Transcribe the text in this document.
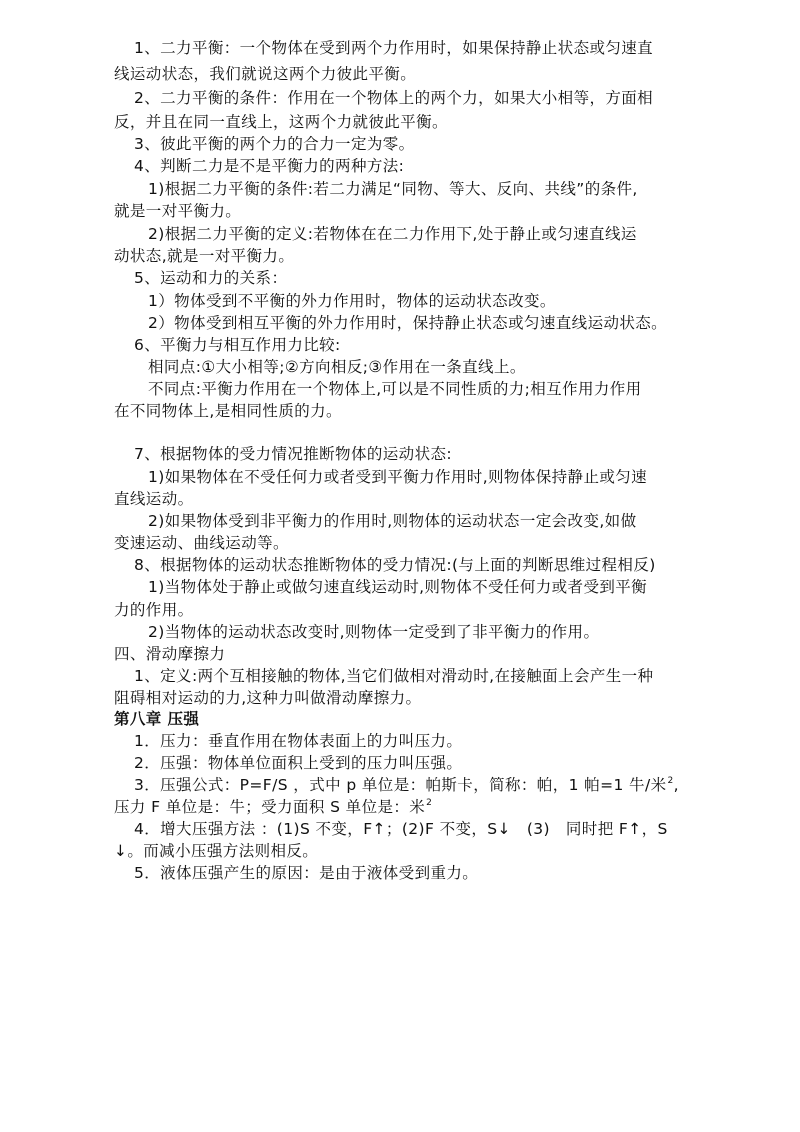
1、二力平衡：一个物体在受到两个力作用时，如果保持静止状态或匀速直
线运动状态，我们就说这两个力彼此平衡。
2、二力平衡的条件：作用在一个物体上的两个力，如果大小相等，方面相
反，并且在同一直线上，这两个力就彼此平衡。
3、彼此平衡的两个力的合力一定为零。
4、判断二力是不是平衡力的两种方法:
1)根据二力平衡的条件:若二力满足“同物、等大、反向、共线”的条件,
就是一对平衡力。
2)根据二力平衡的定义:若物体在在二力作用下,处于静止或匀速直线运
动状态,就是一对平衡力。
5、运动和力的关系：
1）物体受到不平衡的外力作用时，物体的运动状态改变。
2）物体受到相互平衡的外力作用时，保持静止状态或匀速直线运动状态。
6、平衡力与相互作用力比较:
相同点:①大小相等;②方向相反;③作用在一条直线上。
不同点:平衡力作用在一个物体上,可以是不同性质的力;相互作用力作用
在不同物体上,是相同性质的力。
7、根据物体的受力情况推断物体的运动状态:
1)如果物体在不受任何力或者受到平衡力作用时,则物体保持静止或匀速
直线运动。
2)如果物体受到非平衡力的作用时,则物体的运动状态一定会改变,如做
变速运动、曲线运动等。
8、根据物体的运动状态推断物体的受力情况:(与上面的判断思维过程相反)
1)当物体处于静止或做匀速直线运动时,则物体不受任何力或者受到平衡
力的作用。
2)当物体的运动状态改变时,则物体一定受到了非平衡力的作用。
四、滑动摩擦力
1、定义:两个互相接触的物体,当它们做相对滑动时,在接触面上会产生一种
阻碍相对运动的力,这种力叫做滑动摩擦力。
第八章 压强
1．压力：垂直作用在物体表面上的力叫压力。
2．压强：物体单位面积上受到的压力叫压强。
3．压强公式：P=F/S ，式中 p 单位是：帕斯卡，简称：帕，1 帕=1 牛/米$^2$,
压力 F 单位是：牛；受力面积 S 单位是：米$^2$
4．增大压强方法 ：(1)S 不变，F↑；(2)F 不变，S↓　(3)　同时把 F↑，S
↓。而减小压强方法则相反。
5．液体压强产生的原因：是由于液体受到重力。
